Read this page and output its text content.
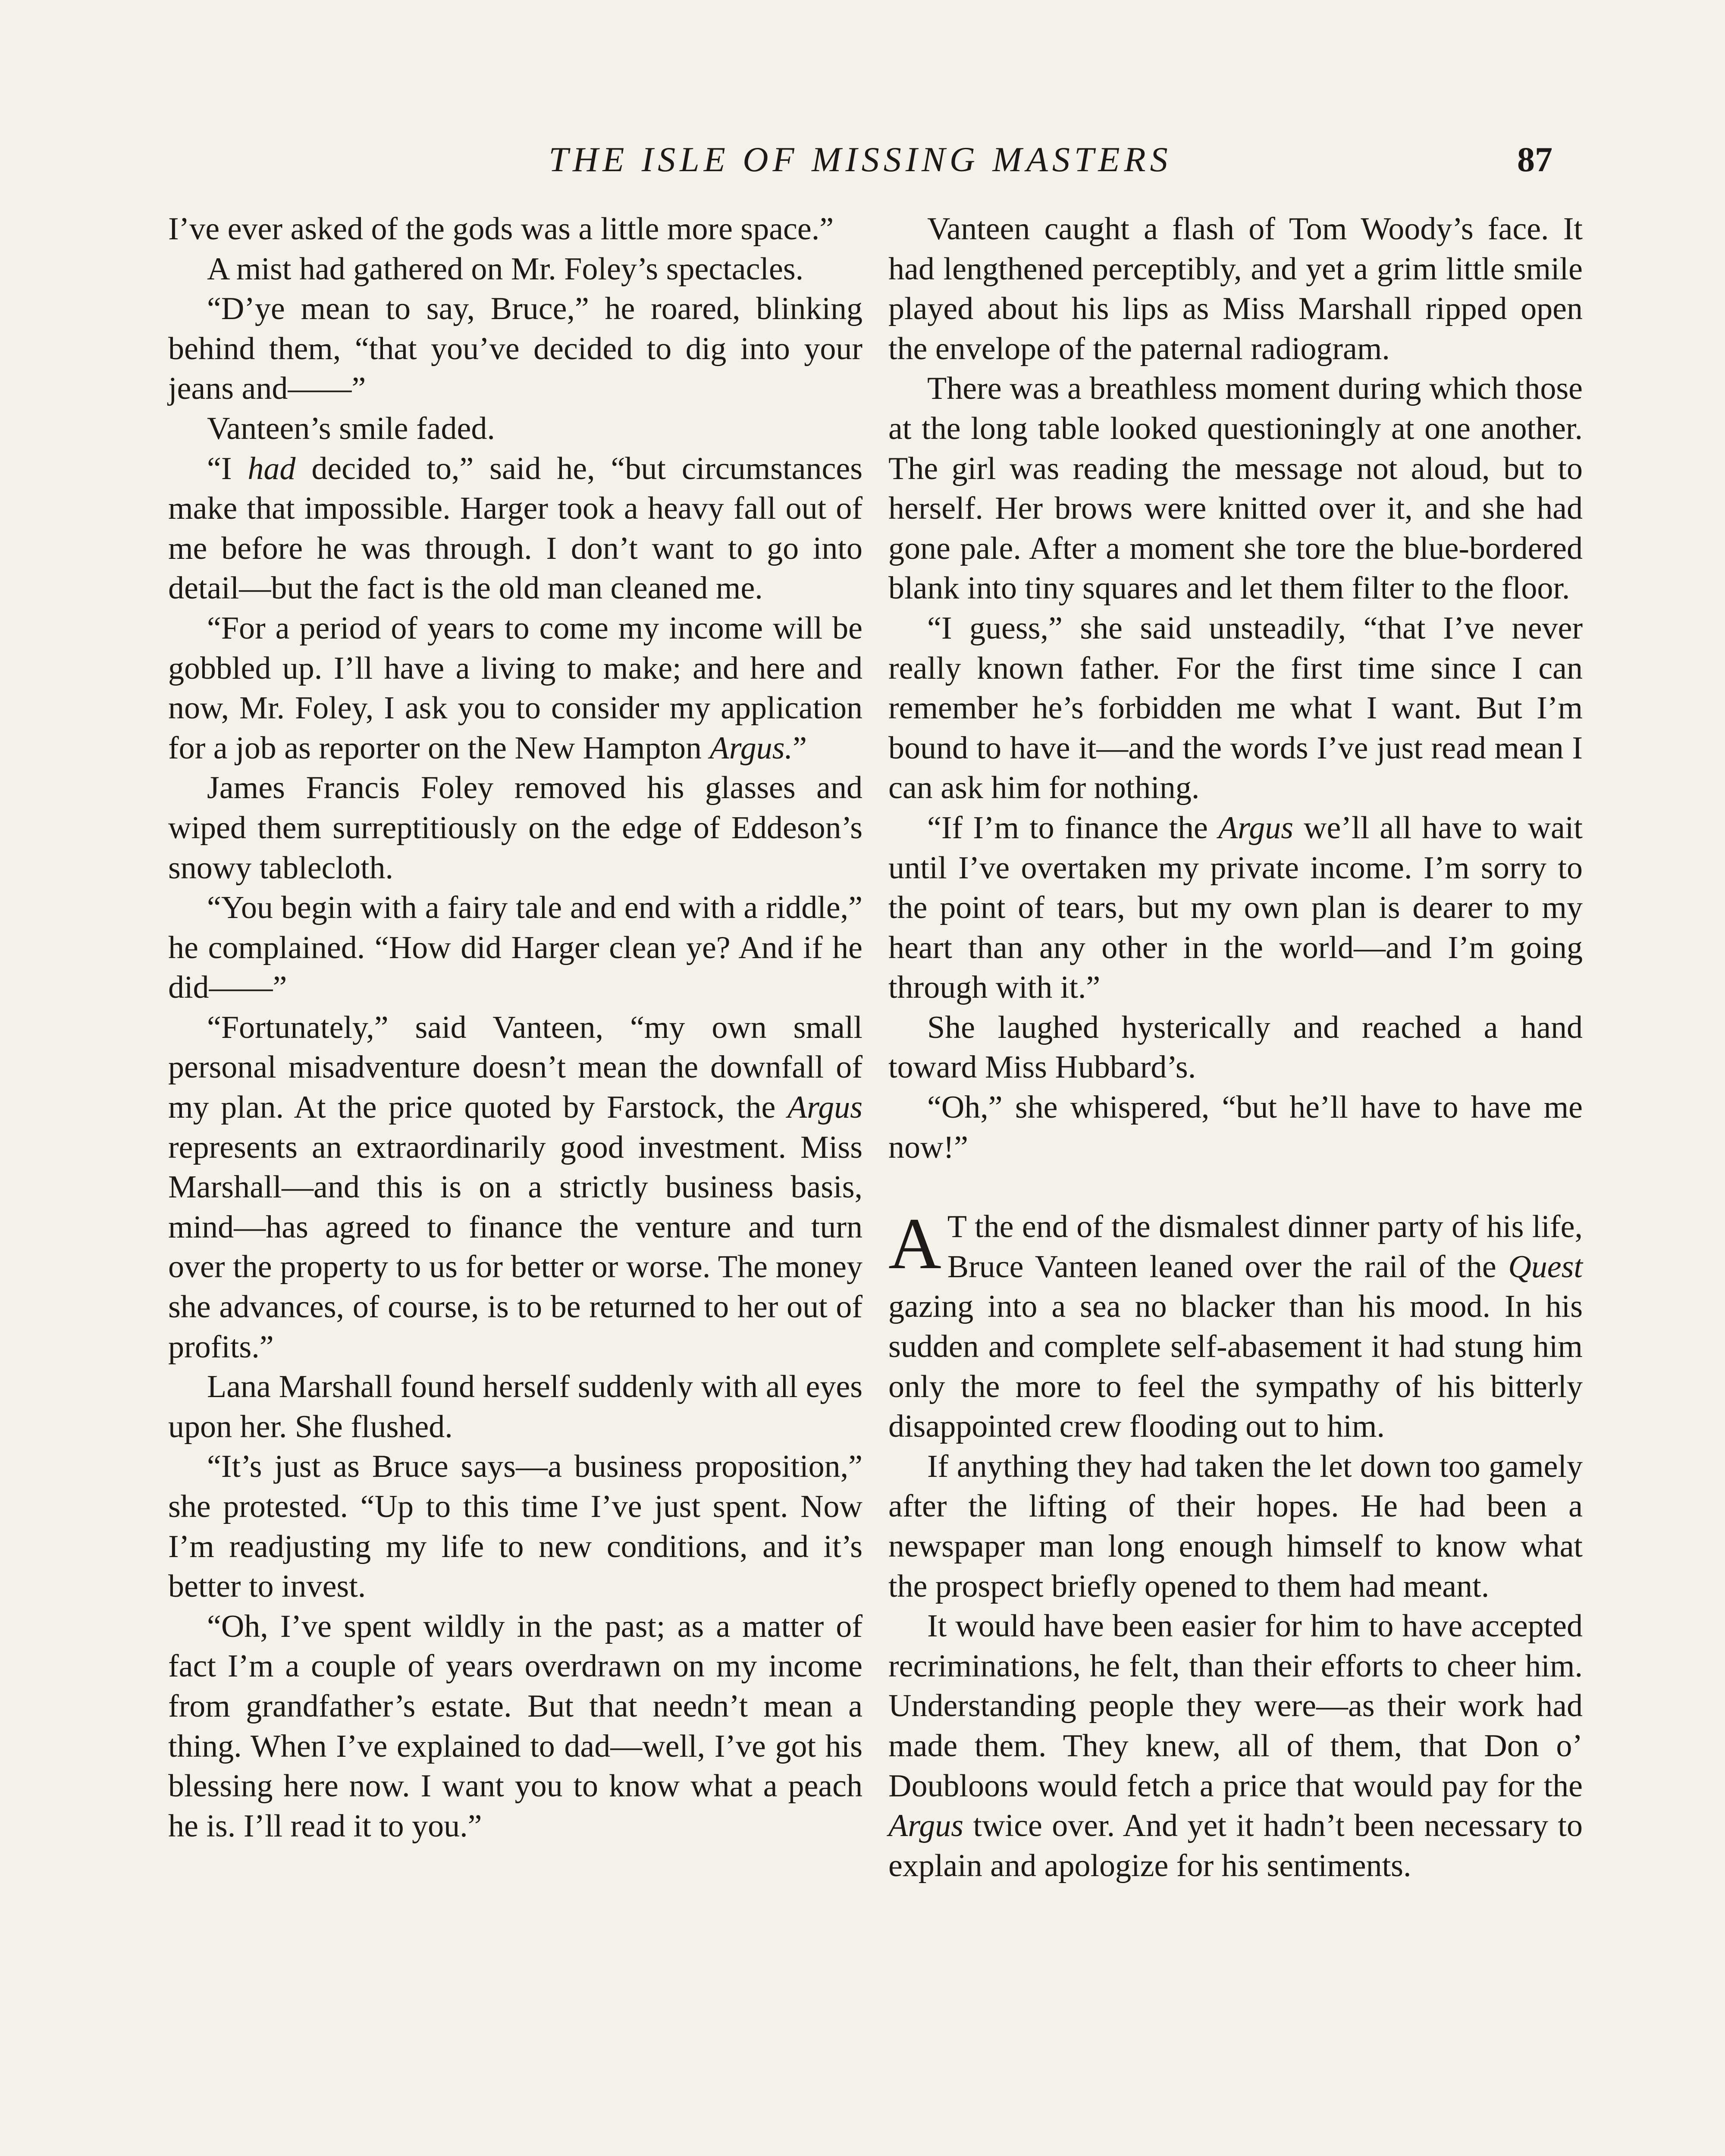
THE ISLE OF MISSING MASTERS	87

I’ve ever asked of the gods was a little more space.”

A mist had gathered on Mr. Foley’s spectacles.

“D’ye mean to say, Bruce,” he roared, blinking behind them, “that you’ve decided to dig into your jeans and——”

Vanteen’s smile faded.

“I had decided to,” said he, “but circumstances make that impossible. Harger took a heavy fall out of me before he was through. I don’t want to go into detail—but the fact is the old man cleaned me.

“For a period of years to come my income will be gobbled up. I’ll have a living to make; and here and now, Mr. Foley, I ask you to consider my application for a job as reporter on the New Hampton Argus.”

James Francis Foley removed his glasses and wiped them surreptitiously on the edge of Eddeson’s snowy tablecloth.

“You begin with a fairy tale and end with a riddle,” he complained. “How did Harger clean ye? And if he did——”

“Fortunately,” said Vanteen, “my own small personal misadventure doesn’t mean the downfall of my plan. At the price quoted by Farstock, the Argus represents an extraordinarily good investment. Miss Marshall—and this is on a strictly business basis, mind—has agreed to finance the venture and turn over the property to us for better or worse. The money she advances, of course, is to be returned to her out of profits.”

Lana Marshall found herself suddenly with all eyes upon her. She flushed.

“It’s just as Bruce says—a business proposition,” she protested. “Up to this time I’ve just spent. Now I’m readjusting my life to new conditions, and it’s better to invest.

“Oh, I’ve spent wildly in the past; as a matter of fact I’m a couple of years overdrawn on my income from grandfather’s estate. But that needn’t mean a thing. When I’ve explained to dad—well, I’ve got his blessing here now. I want you to know what a peach he is. I’ll read it to you.”

Vanteen caught a flash of Tom Woody’s face. It had lengthened perceptibly, and yet a grim little smile played about his lips as Miss Marshall ripped open the envelope of the paternal radiogram.

There was a breathless moment during which those at the long table looked questioningly at one another. The girl was reading the message not aloud, but to herself. Her brows were knitted over it, and she had gone pale. After a moment she tore the blue-bordered blank into tiny squares and let them filter to the floor.

“I guess,” she said unsteadily, “that I’ve never really known father. For the first time since I can remember he’s forbidden me what I want. But I’m bound to have it—and the words I’ve just read mean I can ask him for nothing.

“If I’m to finance the Argus we’ll all have to wait until I’ve overtaken my private income. I’m sorry to the point of tears, but my own plan is dearer to my heart than any other in the world—and I’m going through with it.”

She laughed hysterically and reached a hand toward Miss Hubbard’s.

“Oh,” she whispered, “but he’ll have to have me now!”

A T the end of the dismalest dinner party of his life, Bruce Vanteen leaned over the rail of the Quest gazing into a sea no blacker than his mood. In his sudden and complete self-abasement it had stung him only the more to feel the sympathy of his bitterly disappointed crew flooding out to him.

If anything they had taken the let down too gamely after the lifting of their hopes. He had been a newspaper man long enough himself to know what the prospect briefly opened to them had meant.

It would have been easier for him to have accepted recriminations, he felt, than their efforts to cheer him. Understanding people they were—as their work had made them. They knew, all of them, that Don o’ Doubloons would fetch a price that would pay for the Argus twice over. And yet it hadn’t been necessary to explain and apologize for his sentiments.
